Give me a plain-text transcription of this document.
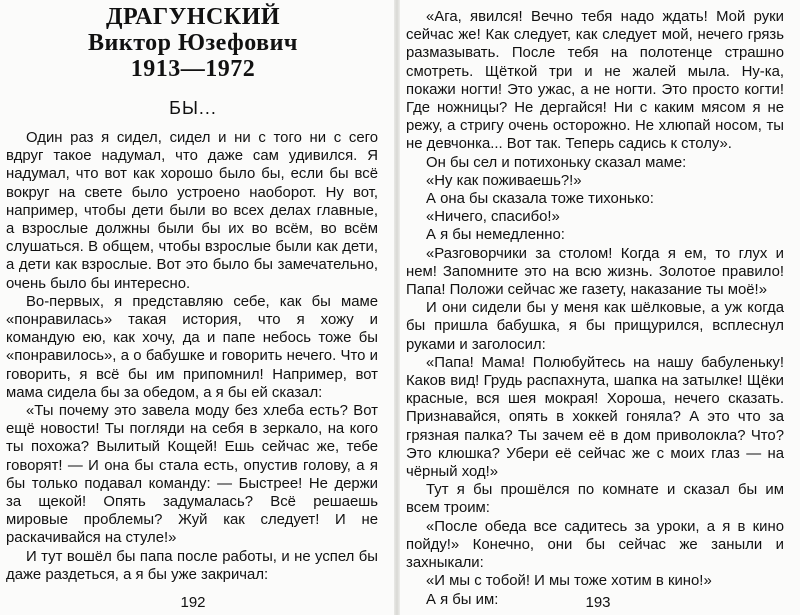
ДРАГУНСКИЙ
Виктор Юзефович
1913—1972
БЫ...

Один раз я сидел, сидел и ни с того ни с сего вдруг такое надумал, что даже сам удивился. Я надумал, что вот как хорошо было бы, если бы всё вокруг на свете было устроено наоборот. Ну вот, например, чтобы дети были во всех делах главные, а взрослые должны были бы их во всём, во всём слушаться. В общем, чтобы взрослые были как дети, а дети как взрослые. Вот это было бы замечательно, очень было бы интересно.

Во-первых, я представляю себе, как бы маме «понравилась» такая история, что я хожу и командую ею, как хочу, да и папе небось тоже бы «понравилось», а о бабушке и говорить нечего. Что и говорить, я всё бы им припомнил! Например, вот мама сидела бы за обедом, а я бы ей сказал:

«Ты почему это завела моду без хлеба есть? Вот ещё новости! Ты погляди на себя в зеркало, на кого ты похожа? Вылитый Кощей! Ешь сейчас же, тебе говорят! — И она бы стала есть, опустив голову, а я бы только подавал команду: — Быстрее! Не держи за щекой! Опять задумалась? Всё решаешь мировые проблемы? Жуй как следует! И не раскачивайся на стуле!»

И тут вошёл бы папа после работы, и не успел бы даже раздеться, а я бы уже закричал:

192

«Ага, явился! Вечно тебя надо ждать! Мой руки сейчас же! Как следует, как следует мой, нечего грязь размазывать. После тебя на полотенце страшно смотреть. Щёткой три и не жалей мыла. Ну-ка, покажи ногти! Это ужас, а не ногти. Это просто когти! Где ножницы? Не дергайся! Ни с каким мясом я не режу, а стригу очень осторожно. Не хлюпай носом, ты не девчонка... Вот так. Теперь садись к столу».

Он бы сел и потихоньку сказал маме:

«Ну как поживаешь?!»

А она бы сказала тоже тихонько:

«Ничего, спасибо!»

А я бы немедленно:

«Разговорчики за столом! Когда я ем, то глух и нем! Запомните это на всю жизнь. Золотое правило! Папа! Положи сейчас же газету, наказание ты моё!»

И они сидели бы у меня как шёлковые, а уж когда бы пришла бабушка, я бы прищурился, всплеснул руками и заголосил:

«Папа! Мама! Полюбуйтесь на нашу бабуленьку! Каков вид! Грудь распахнута, шапка на затылке! Щёки красные, вся шея мокрая! Хороша, нечего сказать. Признавайся, опять в хоккей гоняла? А это что за грязная палка? Ты зачем её в дом приволокла? Что? Это клюшка? Убери её сейчас же с моих глаз — на чёрный ход!»

Тут я бы прошёлся по комнате и сказал бы им всем троим:

«После обеда все садитесь за уроки, а я в кино пойду!» Конечно, они бы сейчас же заныли и захныкали:

«И мы с тобой! И мы тоже хотим в кино!»

А я бы им:	193
